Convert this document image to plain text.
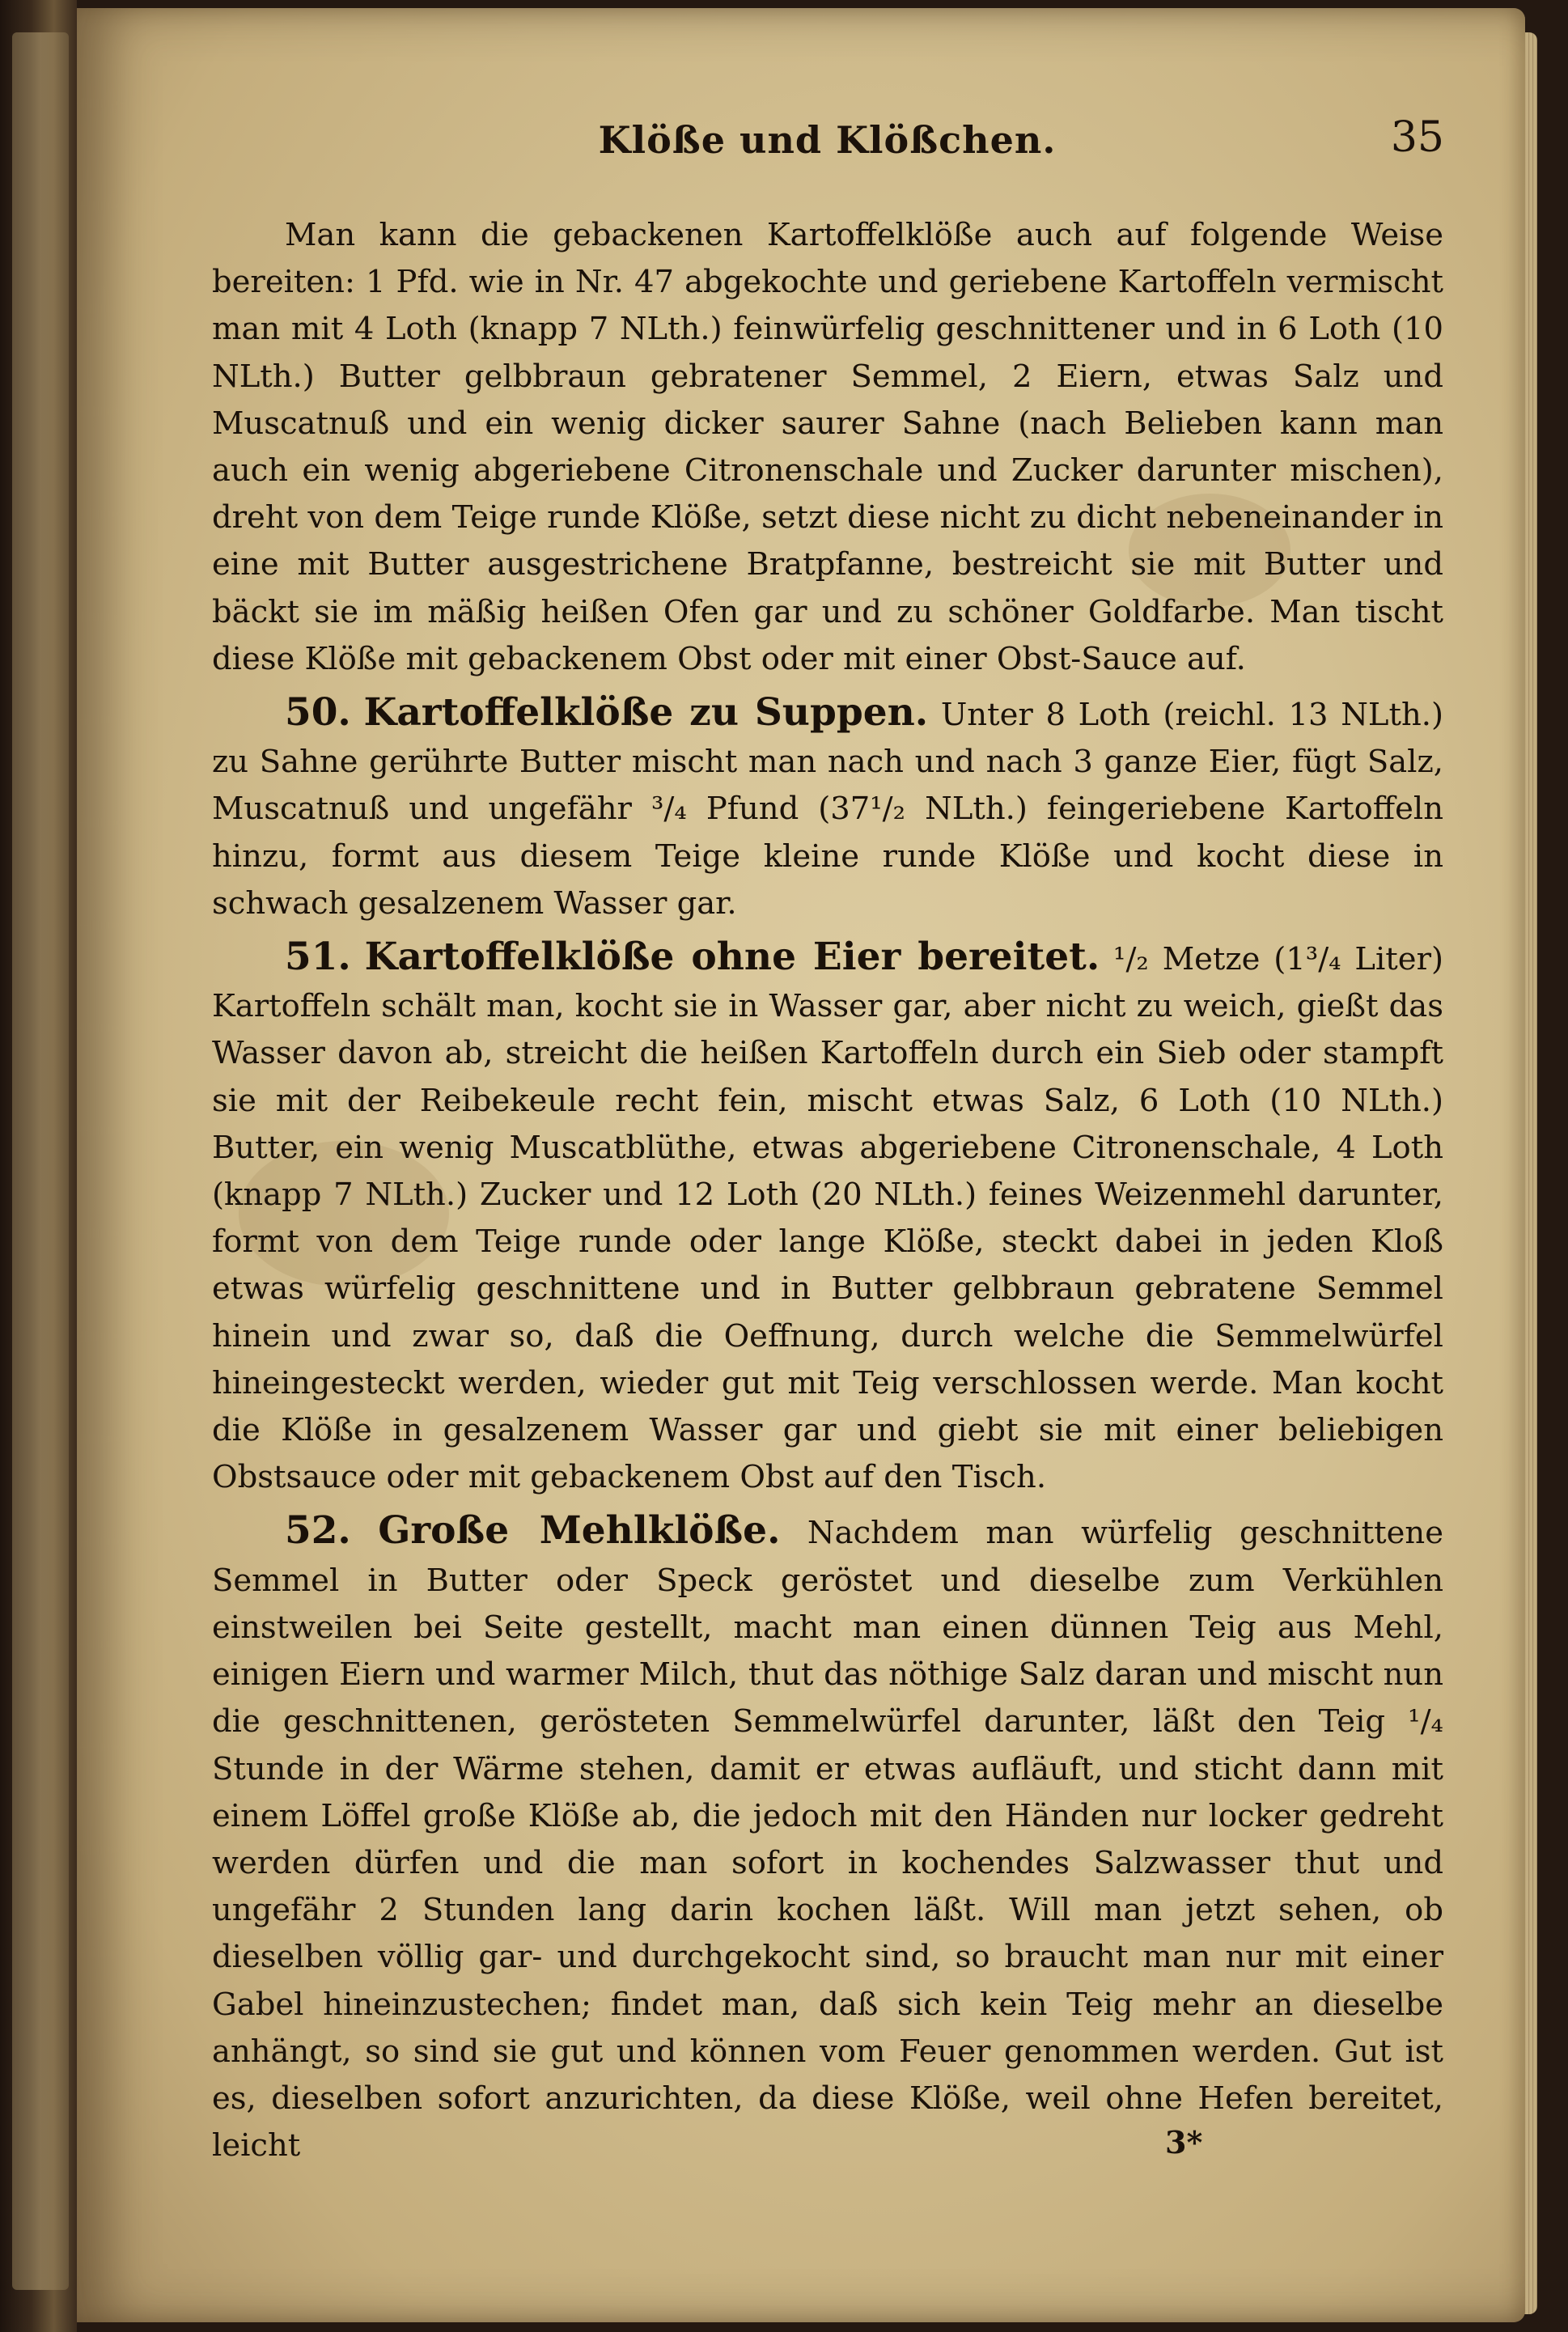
Klöße und Klößchen.	35

Man kann die gebackenen Kartoffelklöße auch auf folgende Weise bereiten: 1 Pfd. wie in Nr. 47 abgekochte und geriebene Kartoffeln vermischt man mit 4 Loth (knapp 7 NLth.) feinwürfelig geschnittener und in 6 Loth (10 NLth.) Butter gelbbraun gebratener Semmel, 2 Eiern, etwas Salz und Muscatnuß und ein wenig dicker saurer Sahne (nach Belieben kann man auch ein wenig abgeriebene Citronenschale und Zucker darunter mischen), dreht von dem Teige runde Klöße, setzt diese nicht zu dicht nebeneinander in eine mit Butter ausgestrichene Bratpfanne, bestreicht sie mit Butter und bäckt sie im mäßig heißen Ofen gar und zu schöner Goldfarbe. Man tischt diese Klöße mit gebackenem Obst oder mit einer Obst-Sauce auf.

50. Kartoffelklöße zu Suppen. Unter 8 Loth (reichl. 13 NLth.) zu Sahne gerührte Butter mischt man nach und nach 3 ganze Eier, fügt Salz, Muscatnuß und ungefähr ³/₄ Pfund (37¹/₂ NLth.) feingeriebene Kartoffeln hinzu, formt aus diesem Teige kleine runde Klöße und kocht diese in schwach gesalzenem Wasser gar.

51. Kartoffelklöße ohne Eier bereitet. ¹/₂ Metze (1³/₄ Liter) Kartoffeln schält man, kocht sie in Wasser gar, aber nicht zu weich, gießt das Wasser davon ab, streicht die heißen Kartoffeln durch ein Sieb oder stampft sie mit der Reibekeule recht fein, mischt etwas Salz, 6 Loth (10 NLth.) Butter, ein wenig Muscatblüthe, etwas abgeriebene Citronenschale, 4 Loth (knapp 7 NLth.) Zucker und 12 Loth (20 NLth.) feines Weizenmehl darunter, formt von dem Teige runde oder lange Klöße, steckt dabei in jeden Kloß etwas würfelig geschnittene und in Butter gelbbraun gebratene Semmel hinein und zwar so, daß die Oeffnung, durch welche die Semmelwürfel hineingesteckt werden, wieder gut mit Teig verschlossen werde. Man kocht die Klöße in gesalzenem Wasser gar und giebt sie mit einer beliebigen Obstsauce oder mit gebackenem Obst auf den Tisch.

52. Große Mehlklöße. Nachdem man würfelig geschnittene Semmel in Butter oder Speck geröstet und dieselbe zum Verkühlen einstweilen bei Seite gestellt, macht man einen dünnen Teig aus Mehl, einigen Eiern und warmer Milch, thut das nöthige Salz daran und mischt nun die geschnittenen, gerösteten Semmelwürfel darunter, läßt den Teig ¹/₄ Stunde in der Wärme stehen, damit er etwas aufläuft, und sticht dann mit einem Löffel große Klöße ab, die jedoch mit den Händen nur locker gedreht werden dürfen und die man sofort in kochendes Salzwasser thut und ungefähr 2 Stunden lang darin kochen läßt. Will man jetzt sehen, ob dieselben völlig gar- und durchgekocht sind, so braucht man nur mit einer Gabel hineinzustechen; findet man, daß sich kein Teig mehr an dieselbe anhängt, so sind sie gut und können vom Feuer genommen werden. Gut ist es, dieselben sofort anzurichten, da diese Klöße, weil ohne Hefen bereitet, leicht	3*
